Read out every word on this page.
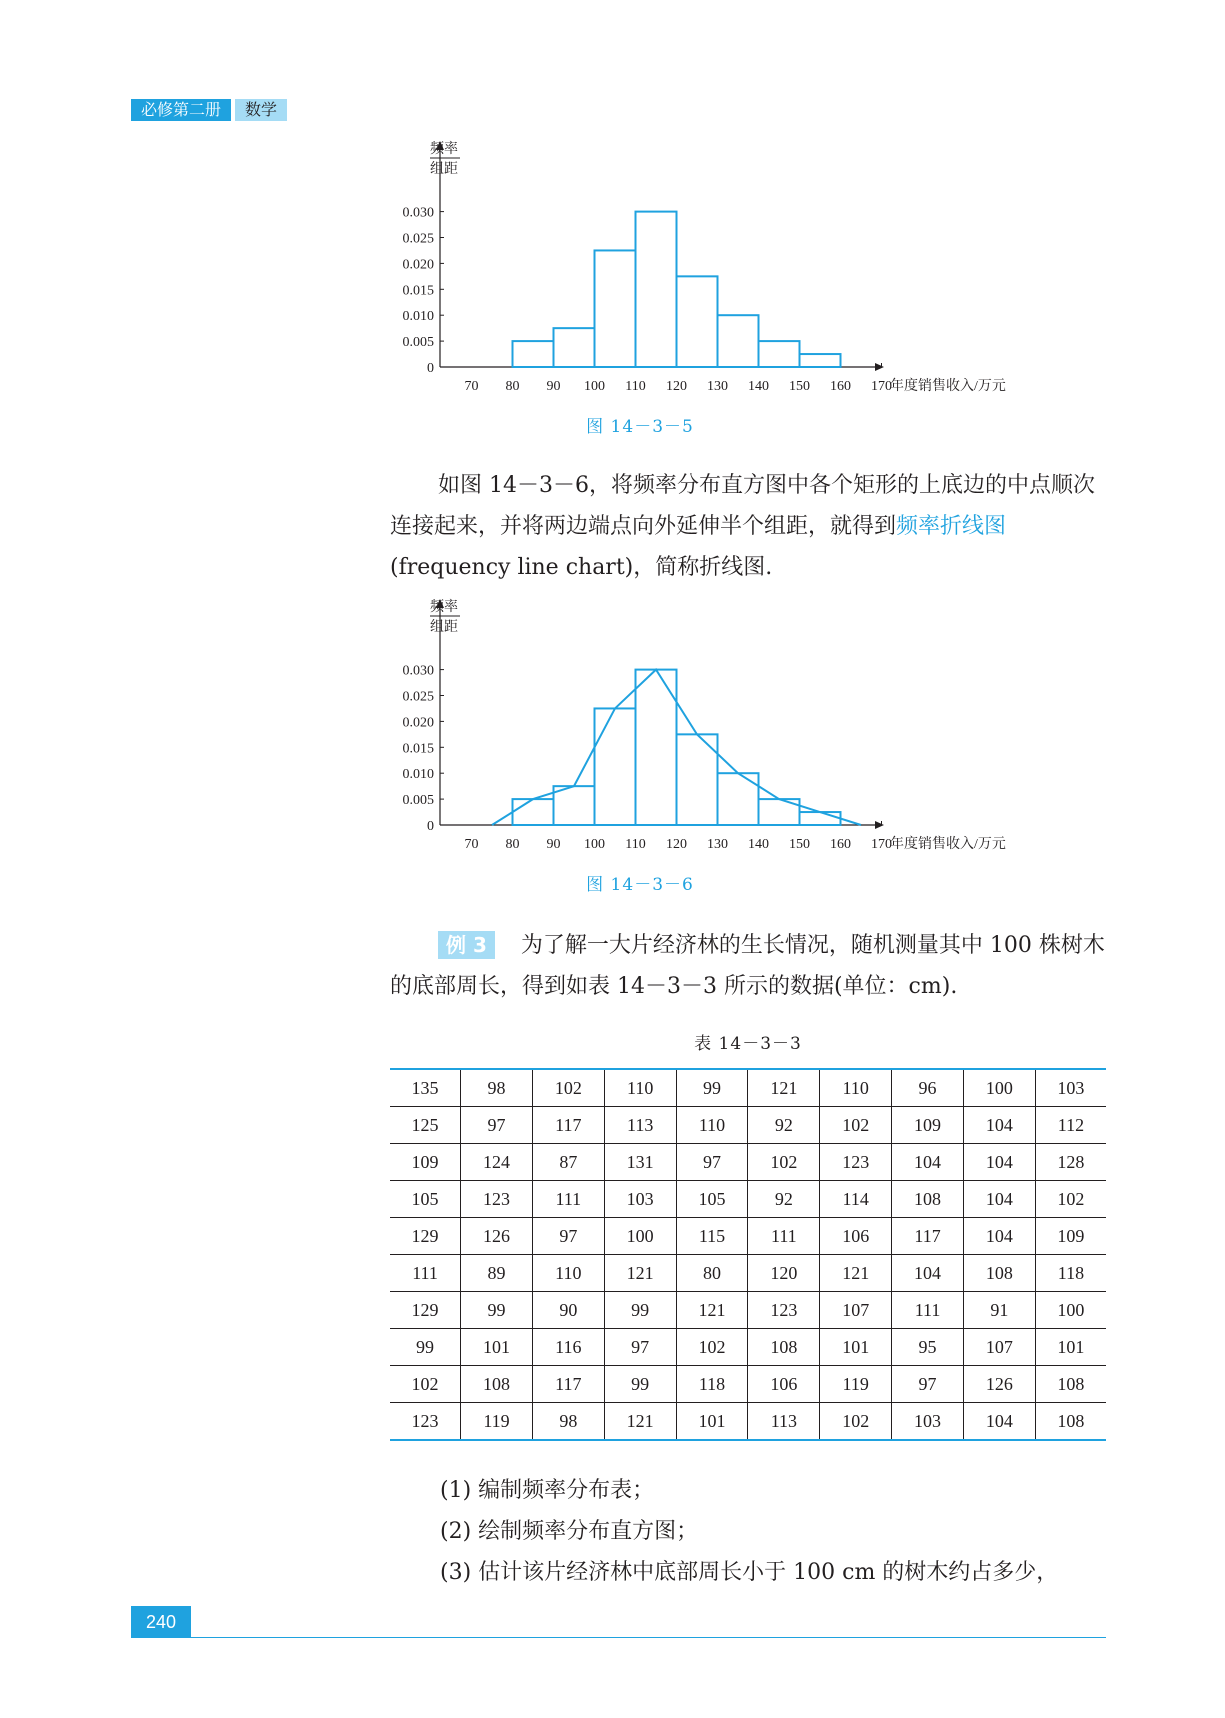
必修第二册	数学
频率
组距
0
0.005
0.010
0.015
0.020
0.025
0.030
70 80 90 100 110 120 130 140 150 160 170
年度销售收入/万元
图 14－3－5
如图 14－3－6，将频率分布直方图中各个矩形的上底边的中点顺次连接起来，并将两边端点向外延伸半个组距，就得到频率折线图(frequency line chart)，简称折线图.
频率
组距
0
0.005
0.010
0.015
0.020
0.025
0.030
70 80 90 100 110 120 130 140 150 160 170
年度销售收入/万元
图 14－3－6
例 3 为了解一大片经济林的生长情况，随机测量其中 100 株树木的底部周长，得到如表 14－3－3 所示的数据(单位：cm).
表 14－3－3
135	98	102	110	99	121	110	96	100	103
125	97	117	113	110	92	102	109	104	112
109	124	87	131	97	102	123	104	104	128
105	123	111	103	105	92	114	108	104	102
129	126	97	100	115	111	106	117	104	109
111	89	110	121	80	120	121	104	108	118
129	99	90	99	121	123	107	111	91	100
99	101	116	97	102	108	101	95	107	101
102	108	117	99	118	106	119	97	126	108
123	119	98	121	101	113	102	103	104	108
(1) 编制频率分布表；
(2) 绘制频率分布直方图；
(3) 估计该片经济林中底部周长小于 100 cm 的树木约占多少，
240
